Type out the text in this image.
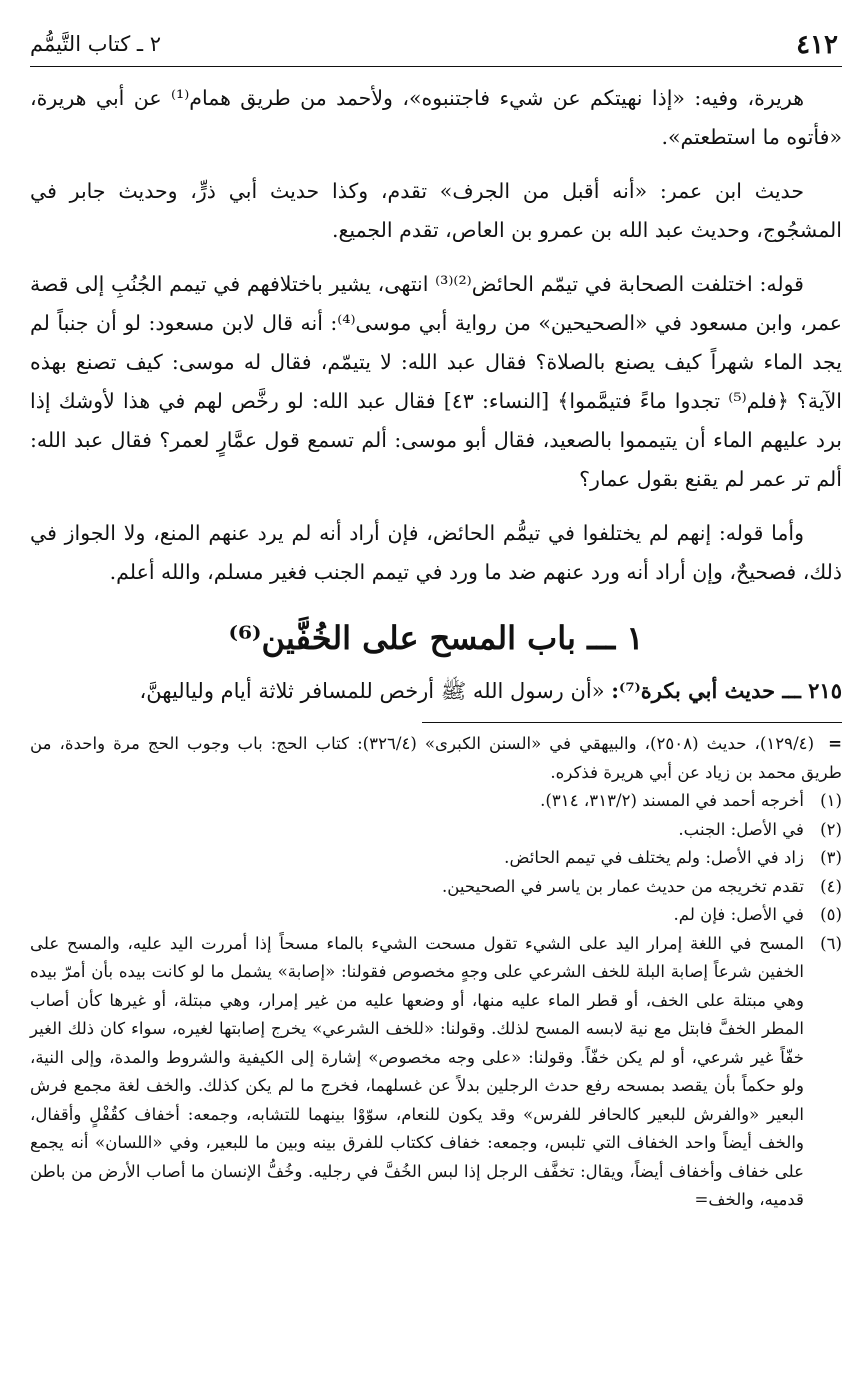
٤١٢
٢ ـ كتاب التَّيمُّم

هريرة، وفيه: «إذا نهيتكم عن شيء فاجتنبوه»، ولأحمد من طريق همام⁽¹⁾ عن أبي هريرة، «فأتوه ما استطعتم».

حديث ابن عمر: «أنه أقبل من الجرف» تقدم، وكذا حديث أبي ذرٍّ، وحديث جابر في المشجُوج، وحديث عبد الله بن عمرو بن العاص، تقدم الجميع.

قوله: اختلفت الصحابة في تيمّم الحائض⁽²⁾⁽³⁾ انتهى، يشير باختلافهم في تيمم الجُنُبِ إلى قصة عمر، وابن مسعود في «الصحيحين» من رواية أبي موسى⁽⁴⁾: أنه قال لابن مسعود: لو أن جنباً لم يجد الماء شهراً كيف يصنع بالصلاة؟ فقال عبد الله: لا يتيمّم، فقال له موسى: كيف تصنع بهذه الآية؟ ﴿فلم⁽⁵⁾ تجدوا ماءً فتيمَّموا﴾ [النساء: ٤٣] فقال عبد الله: لو رخَّص لهم في هذا لأوشك إذا برد عليهم الماء أن يتيمموا بالصعيد، فقال أبو موسى: ألم تسمع قول عمَّارٍ لعمر؟ فقال عبد الله: ألم تر عمر لم يقنع بقول عمار؟

وأما قوله: إنهم لم يختلفوا في تيمُّم الحائض، فإن أراد أنه لم يرد عنهم المنع، ولا الجواز في ذلك، فصحيحٌ، وإن أراد أنه ورد عنهم ضد ما ورد في تيمم الجنب فغير مسلم، والله أعلم.

١ ـــ باب المسح على الخُفَّين⁽⁶⁾

٢١٥ ـــ حديث أبي بكرة⁽⁷⁾: «أن رسول الله ﷺ أرخص للمسافر ثلاثة أيام ولياليهنَّ،

= (١٢٩/٤)، حديث (٢٥٠٨)، والبيهقي في «السنن الكبرى» (٣٢٦/٤): كتاب الحج: باب وجوب الحج مرة واحدة، من طريق محمد بن زياد عن أبي هريرة فذكره.
(١)
أخرجه أحمد في المسند (٣١٣/٢، ٣١٤).
(٢)
في الأصل: الجنب.
(٣)
زاد في الأصل: ولم يختلف في تيمم الحائض.
(٤)
تقدم تخريجه من حديث عمار بن ياسر في الصحيحين.
(٥)
في الأصل: فإن لم.
(٦)
المسح في اللغة إمرار اليد على الشيء تقول مسحت الشيء بالماء مسحاً إذا أمررت اليد عليه، والمسح على الخفين شرعاً إصابة البلة للخف الشرعي على وجهٍ مخصوص فقولنا: «إصابة» يشمل ما لو كانت بيده بأن أمرّ بيده وهي مبتلة على الخف، أو قطر الماء عليه منها، أو وضعها عليه من غير إمرار، وهي مبتلة، أو غيرها كأن أصاب المطر الخفَّ فابتل مع نية لابسه المسح لذلك. وقولنا: «للخف الشرعي» يخرج إصابتها لغيره، سواء كان ذلك الغير خفّاً غير شرعي، أو لم يكن خفّاً. وقولنا: «على وجه مخصوص» إشارة إلى الكيفية والشروط والمدة، وإلى النية، ولو حكماً بأن يقصد بمسحه رفع حدث الرجلين بدلاً عن غسلهما، فخرج ما لم يكن كذلك. والخف لغة مجمع فرش البعير «والفرش للبعير كالحافر للفرس» وقد يكون للنعام، سوّوْا بينهما للتشابه، وجمعه: أخفاف كقُفْلٍ وأقفال، والخف أيضاً واحد الخفاف التي تلبس، وجمعه: خفاف ككتاب للفرق بينه وبين ما للبعير، وفي «اللسان» أنه يجمع على خفاف وأخفاف أيضاً، ويقال: تخفَّف الرجل إذا لبس الخُفَّ في رجليه. وخُفُّ الإنسان ما أصاب الأرض من باطن قدميه، والخف=
